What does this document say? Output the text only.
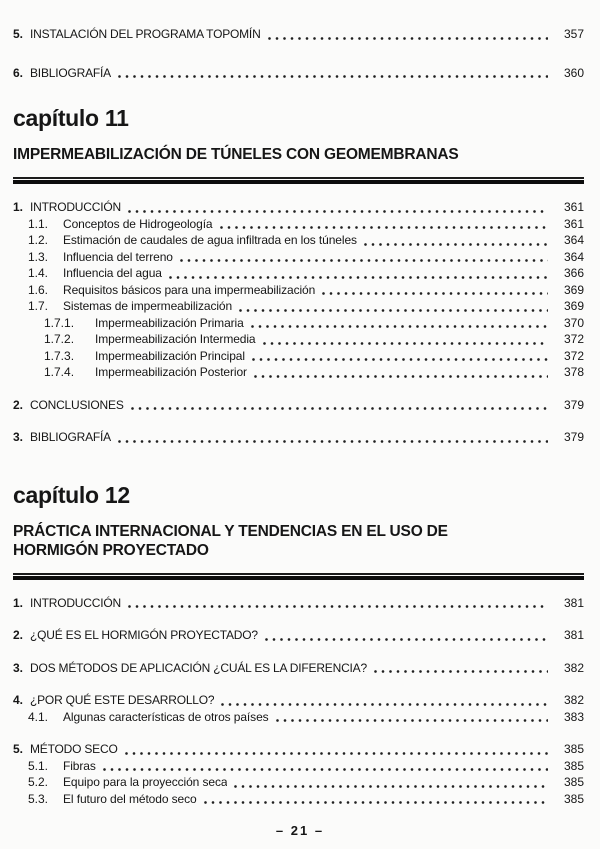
5. INSTALACIÓN DEL PROGRAMA TOPOMÍN	357
6. BIBLIOGRAFÍA	360
capítulo 11
IMPERMEABILIZACIÓN DE TÚNELES CON GEOMEMBRANAS
1. INTRODUCCIÓN	361
1.1.	Conceptos de Hidrogeología	361
1.2.	Estimación de caudales de agua infiltrada en los túneles	364
1.3.	Influencia del terreno	364
1.4.	Influencia del agua	366
1.6.	Requisitos básicos para una impermeabilización	369
1.7.	Sistemas de impermeabilización	369
1.7.1.	Impermeabilización Primaria	370
1.7.2.	Impermeabilización Intermedia	372
1.7.3.	Impermeabilización Principal	372
1.7.4.	Impermeabilización Posterior	378
2. CONCLUSIONES	379
3. BIBLIOGRAFÍA	379
capítulo 12
PRÁCTICA INTERNACIONAL Y TENDENCIAS EN EL USO DE
HORMIGÓN PROYECTADO
1. INTRODUCCIÓN	381
2. ¿QUÉ ES EL HORMIGÓN PROYECTADO?	381
3. DOS MÉTODOS DE APLICACIÓN ¿CUÁL ES LA DIFERENCIA?	382
4. ¿POR QUÉ ESTE DESARROLLO?	382
4.1.	Algunas características de otros países	383
5. MÉTODO SECO	385
5.1.	Fibras	385
5.2.	Equipo para la proyección seca	385
5.3.	El futuro del método seco	385
– 21 –
